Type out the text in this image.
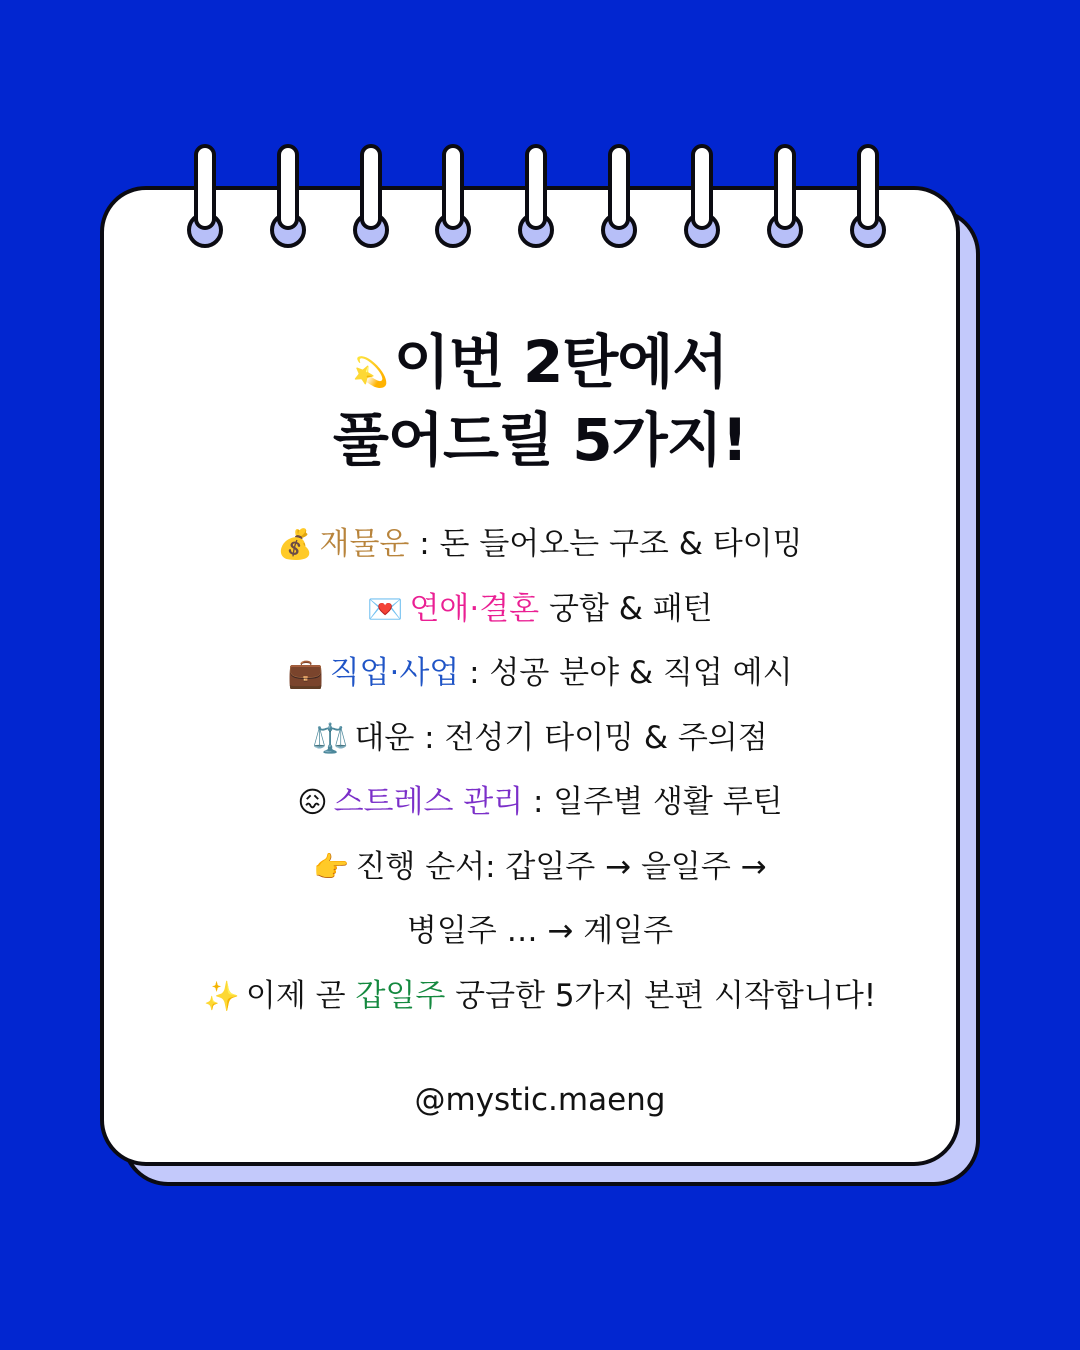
💫 이번 2탄에서
풀어드릴 5가지!
💰 재물운 : 돈 들어오는 구조 & 타이밍
💌 연애·결혼 궁합 & 패턴
💼 직업·사업 : 성공 분야 & 직업 예시
⚖️ 대운 : 전성기 타이밍 & 주의점
😖 스트레스 관리 : 일주별 생활 루틴
👉 진행 순서: 갑일주 → 을일주 →
병일주 … → 계일주
✨ 이제 곧 갑일주 궁금한 5가지 본편 시작합니다!
@mystic.maeng
